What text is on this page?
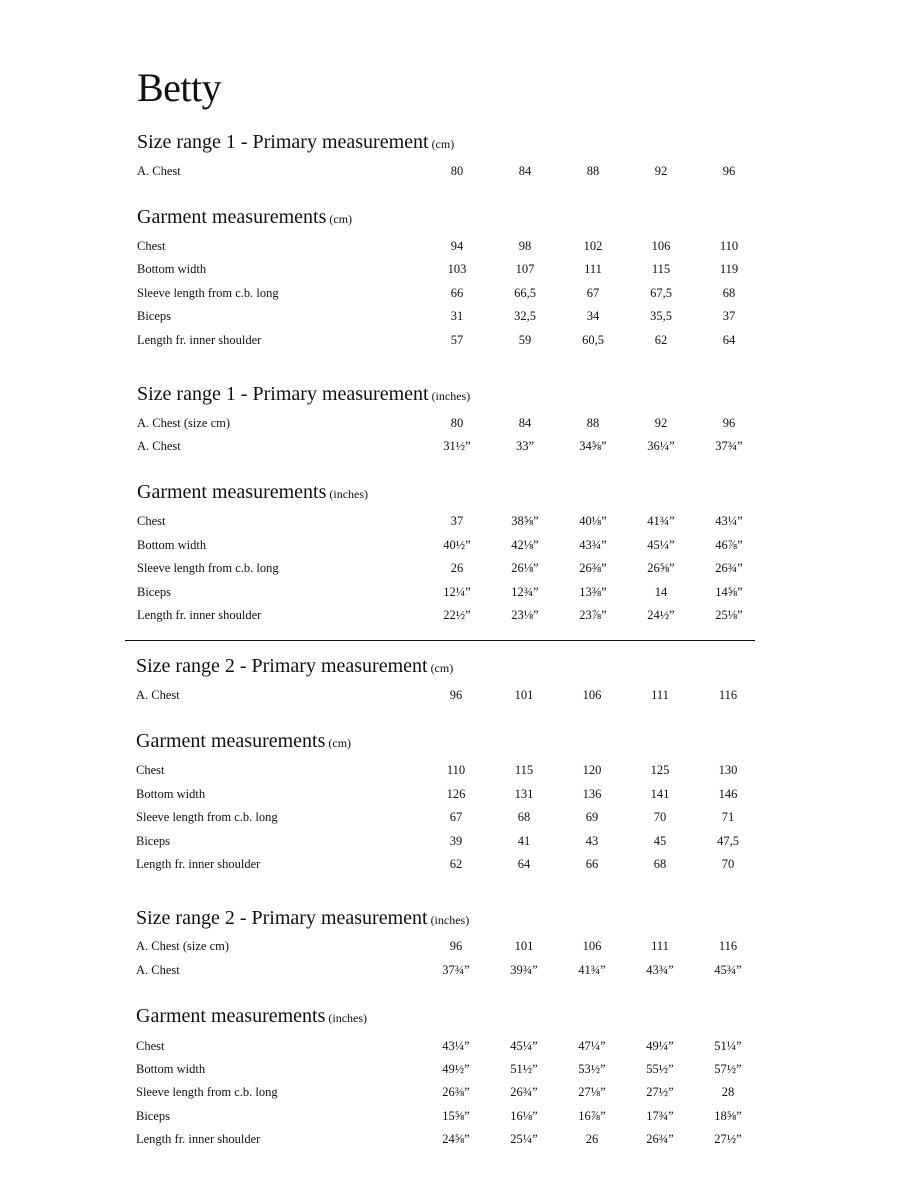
Betty
Size range 1 - Primary measurement (cm)
A. Chest	80	84	88	92	96
Garment measurements (cm)
Chest	94	98	102	106	110
Bottom width	103	107	111	115	119
Sleeve length from c.b. long	66	66,5	67	67,5	68
Biceps	31	32,5	34	35,5	37
Length fr. inner shoulder	57	59	60,5	62	64
Size range 1 - Primary measurement (inches)
A. Chest (size cm)	80	84	88	92	96
A. Chest	31½”	33”	34⅝”	36¼”	37¾”
Garment measurements (inches)
Chest	37	38⅝”	40⅛”	41¾”	43¼”
Bottom width	40½”	42⅛”	43¾”	45¼”	46⅞”
Sleeve length from c.b. long	26	26⅛”	26⅜”	26⅝”	26¾”
Biceps	12¼”	12¾”	13⅜”	14	14⅝”
Length fr. inner shoulder	22½”	23⅛”	23⅞”	24½”	25⅛”
Size range 2 - Primary measurement (cm)
A. Chest	96	101	106	111	116
Garment measurements (cm)
Chest	110	115	120	125	130
Bottom width	126	131	136	141	146
Sleeve length from c.b. long	67	68	69	70	71
Biceps	39	41	43	45	47,5
Length fr. inner shoulder	62	64	66	68	70
Size range 2 - Primary measurement (inches)
A. Chest (size cm)	96	101	106	111	116
A. Chest	37¾”	39¾”	41¾”	43¾”	45¾”
Garment measurements (inches)
Chest	43¼”	45¼”	47¼”	49¼”	51¼”
Bottom width	49½”	51½”	53½”	55½”	57½”
Sleeve length from c.b. long	26⅜”	26¾”	27⅛”	27½”	28
Biceps	15⅝”	16⅛”	16⅞”	17¾”	18⅝”
Length fr. inner shoulder	24⅝”	25¼”	26	26¾”	27½”
